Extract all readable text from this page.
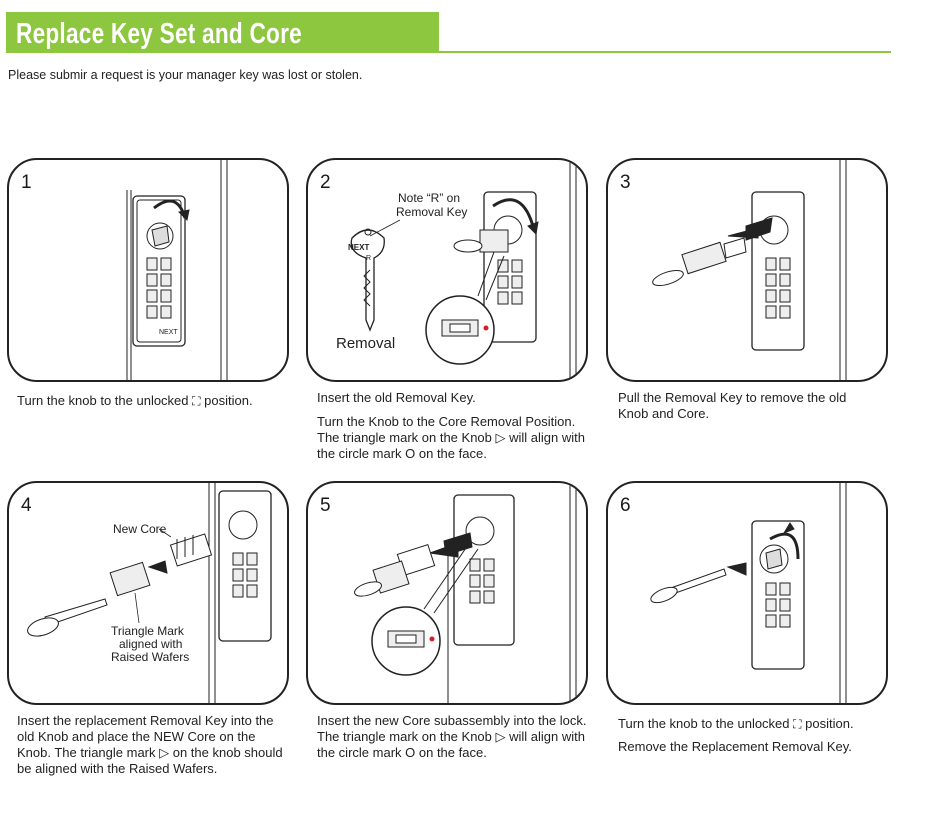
Replace Key Set and Core
Please submir a request is your manager key was lost or stolen.
1
NEXT

Turn the knob to the unlocked ⛶ position.

2
NEXT
R
Note “R” on
Removal Key
Removal

Insert the old Removal Key.

Turn the Knob to the Core Removal Position. The triangle mark on the Knob ▷ will align with the circle mark O on the face.

3

Pull the Removal Key to remove the old Knob and Core.

4
New Core
Triangle Mark
aligned with
Raised Wafers

Insert the replacement Removal Key into the old Knob and place the NEW Core on the Knob. The triangle mark ▷ on the knob should be aligned with the Raised Wafers.

5

Insert the new Core subassembly into the lock. The triangle mark on the Knob ▷ will align with the circle mark O on the face.

6

Turn the knob to the unlocked ⛶ position.

Remove the Replacement Removal Key.
